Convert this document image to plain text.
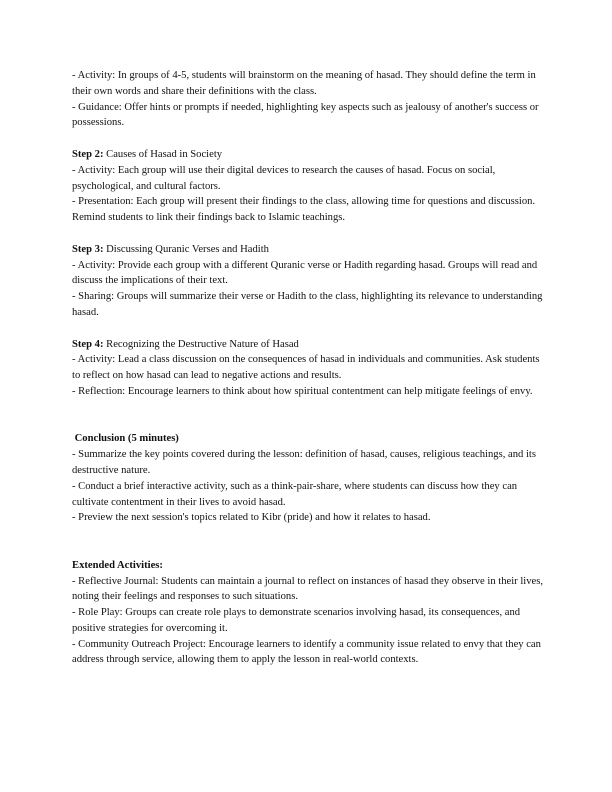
- Activity: In groups of 4-5, students will brainstorm on the meaning of hasad. They should define the term in their own words and share their definitions with the class.
- Guidance: Offer hints or prompts if needed, highlighting key aspects such as jealousy of another's success or possessions.
Step 2: Causes of Hasad in Society
- Activity: Each group will use their digital devices to research the causes of hasad. Focus on social, psychological, and cultural factors.
- Presentation: Each group will present their findings to the class, allowing time for questions and discussion. Remind students to link their findings back to Islamic teachings.
Step 3: Discussing Quranic Verses and Hadith
- Activity: Provide each group with a different Quranic verse or Hadith regarding hasad. Groups will read and discuss the implications of their text.
- Sharing: Groups will summarize their verse or Hadith to the class, highlighting its relevance to understanding hasad.
Step 4: Recognizing the Destructive Nature of Hasad
- Activity: Lead a class discussion on the consequences of hasad in individuals and communities. Ask students to reflect on how hasad can lead to negative actions and results.
- Reflection: Encourage learners to think about how spiritual contentment can help mitigate feelings of envy.
Conclusion (5 minutes)
- Summarize the key points covered during the lesson: definition of hasad, causes, religious teachings, and its destructive nature.
- Conduct a brief interactive activity, such as a think-pair-share, where students can discuss how they can cultivate contentment in their lives to avoid hasad.
- Preview the next session's topics related to Kibr (pride) and how it relates to hasad.
Extended Activities:
- Reflective Journal: Students can maintain a journal to reflect on instances of hasad they observe in their lives, noting their feelings and responses to such situations.
- Role Play: Groups can create role plays to demonstrate scenarios involving hasad, its consequences, and positive strategies for overcoming it.
- Community Outreach Project: Encourage learners to identify a community issue related to envy that they can address through service, allowing them to apply the lesson in real-world contexts.
